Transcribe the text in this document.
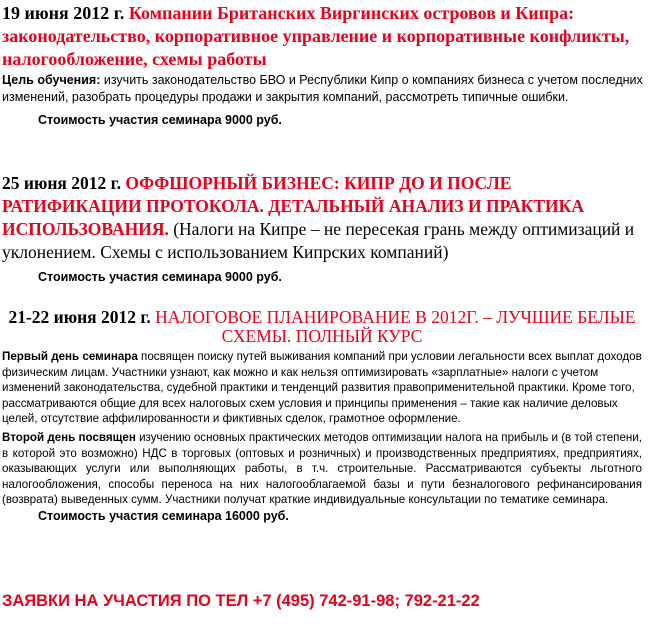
19 июня 2012 г. Компании Британских Виргинских островов и Кипра: законодательство, корпоративное управление и корпоративные конфликты, налогообложение, схемы работы
Цель обучения: изучить законодательство БВО и Республики Кипр о компаниях бизнеса с учетом последних изменений, разобрать процедуры продажи и закрытия компаний, рассмотреть типичные ошибки.
Стоимость участия семинара 9000 руб.
25 июня 2012 г. ОФФШОРНЫЙ БИЗНЕС: КИПР ДО И ПОСЛЕ РАТИФИКАЦИИ ПРОТОКОЛА. ДЕТАЛЬНЫЙ АНАЛИЗ И ПРАКТИКА ИСПОЛЬЗОВАНИЯ. (Налоги на Кипре – не пересекая грань между оптимизаций и уклонением. Схемы с использованием Кипрских компаний)
Стоимость участия семинара 9000 руб.
21-22 июня 2012 г. НАЛОГОВОЕ ПЛАНИРОВАНИЕ В 2012Г. – ЛУЧШИЕ БЕЛЫЕ СХЕМЫ. ПОЛНЫЙ КУРС
Первый день семинара посвящен поиску путей выживания компаний при условии легальности всех выплат доходов физическим лицам. Участники узнают, как можно и как нельзя оптимизировать «зарплатные» налоги с учетом изменений законодательства, судебной практики и тенденций развития правоприменительной практики. Кроме того, рассматриваются общие для всех налоговых схем условия и принципы применения – такие как наличие деловых целей, отсутствие аффилированности и фиктивных сделок, грамотное оформление.
Второй день посвящен изучению основных практических методов оптимизации налога на прибыль и (в той степени, в которой это возможно) НДС в торговых (оптовых и розничных) и производственных предприятиях, предприятиях, оказывающих услуги или выполняющих работы, в т.ч. строительные. Рассматриваются субъекты льготного налогообложения, способы переноса на них налогооблагаемой базы и пути безналогового рефинансирования (возврата) выведенных сумм. Участники получат краткие индивидуальные консультации по тематике семинара.
Стоимость участия семинара 16000 руб.
ЗАЯВКИ НА УЧАСТИЯ ПО ТЕЛ +7 (495) 742-91-98; 792-21-22
